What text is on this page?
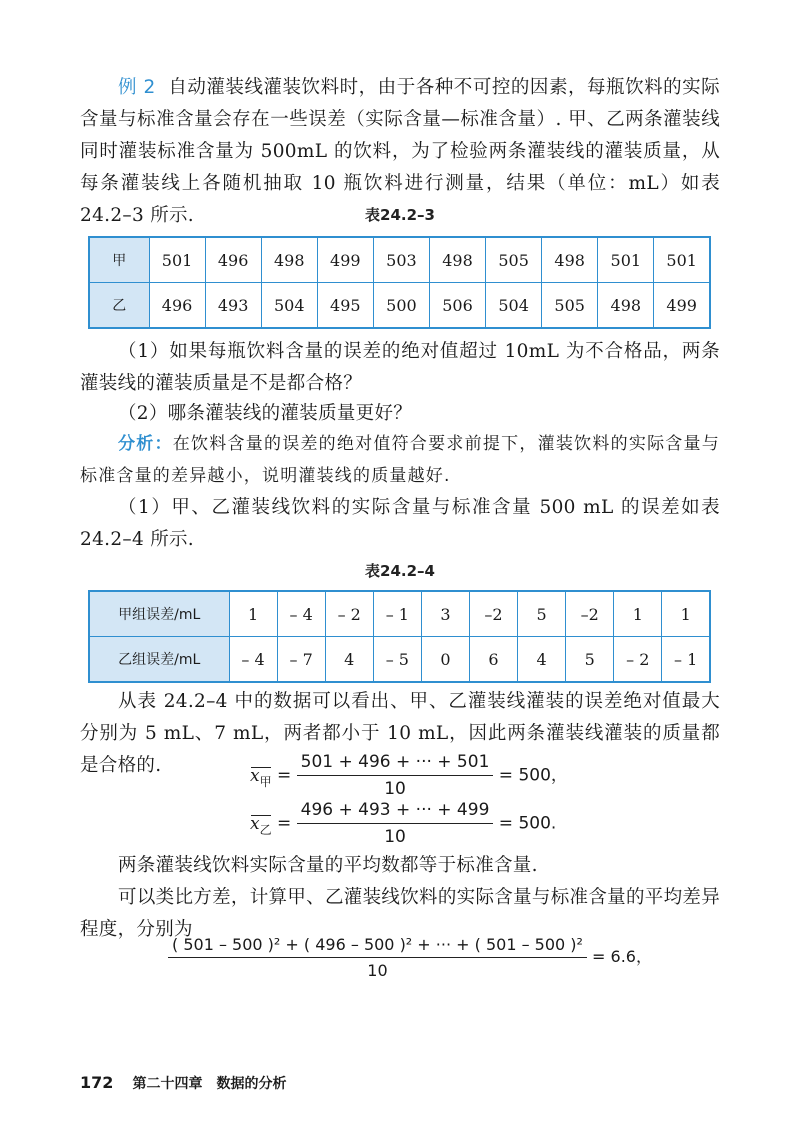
例 2 自动灌装线灌装饮料时，由于各种不可控的因素，每瓶饮料的实际含量与标准含量会存在一些误差（实际含量—标准含量）. 甲、乙两条灌装线同时灌装标准含量为 500mL 的饮料，为了检验两条灌装线的灌装质量，从每条灌装线上各随机抽取 10 瓶饮料进行测量，结果（单位：mL）如表 24.2–3 所示.	表24.2–3
甲	501	496	498	499	503	498	505	498	501	501
乙	496	493	504	495	500	506	504	505	498	499

（1）如果每瓶饮料含量的误差的绝对值超过 10mL 为不合格品，两条灌装线的灌装质量是不是都合格？

（2）哪条灌装线的灌装质量更好？

分析：在饮料含量的误差的绝对值符合要求前提下，灌装饮料的实际含量与标准含量的差异越小，说明灌装线的质量越好.

（1）甲、乙灌装线饮料的实际含量与标准含量 500 mL 的误差如表 24.2–4 所示.

表24.2–4
甲组误差/mL	1	– 4	– 2	– 1	3	–2	5	–2	1	1
乙组误差/mL	– 4	– 7	4	– 5	0	6	4	5	– 2	– 1

从表 24.2–4 中的数据可以看出、甲、乙灌装线灌装的误差绝对值最大分别为 5 mL、7 mL，两者都小于 10 mL，因此两条灌装线灌装的质量都是合格的.	$x_甲 = \frac{501 + 496 + \cdot\cdot\cdot + 501}{10} = 500$，
$x_乙 = \frac{496 + 493 + \cdot\cdot\cdot + 499}{10} = 500$.

两条灌装线饮料实际含量的平均数都等于标准含量.

可以类比方差，计算甲、乙灌装线饮料的实际含量与标准含量的平均差异程度，分别为

$\frac{\text{( 501 – 500 )² + ( 496 – 500 )² + ··· + ( 501 – 500 )²}}{10} = 6.6$，
172 第二十四章　数据的分析
